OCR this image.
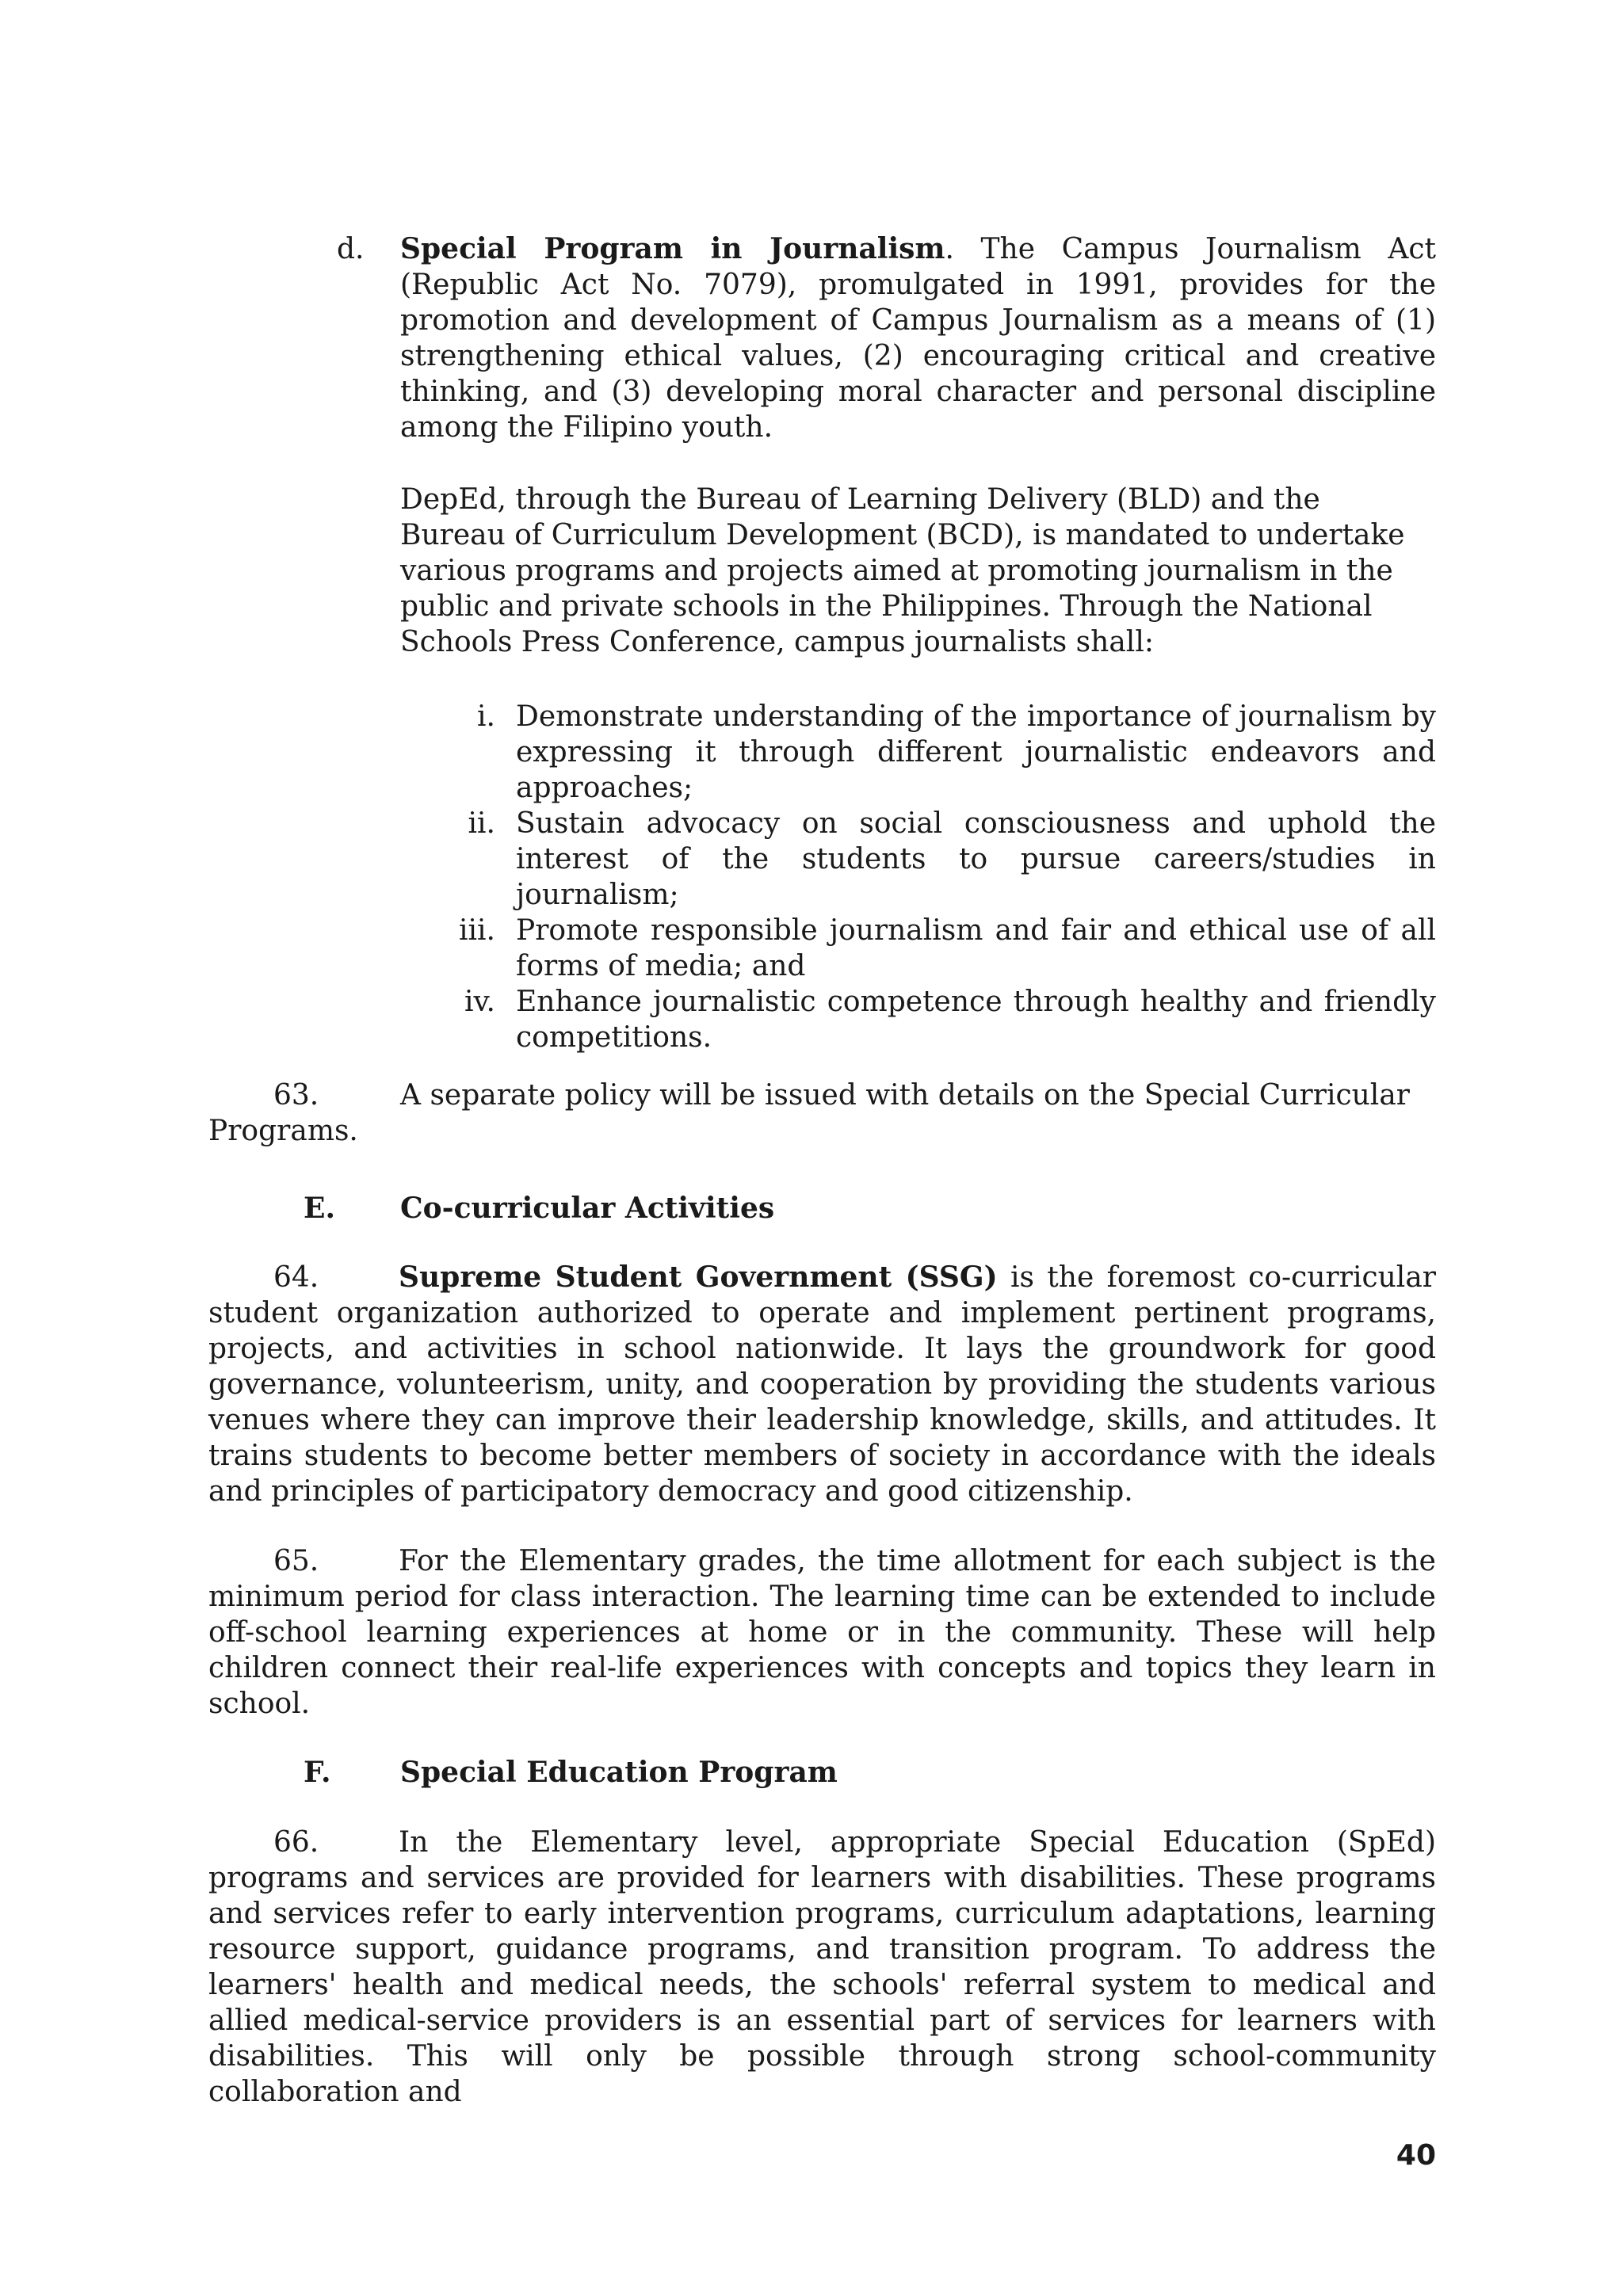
d. Special Program in Journalism. The Campus Journalism Act (Republic Act No. 7079), promulgated in 1991, provides for the promotion and development of Campus Journalism as a means of (1) strengthening ethical values, (2) encouraging critical and creative thinking, and (3) developing moral character and personal discipline among the Filipino youth.
DepEd, through the Bureau of Learning Delivery (BLD) and the Bureau of Curriculum Development (BCD), is mandated to undertake various programs and projects aimed at promoting journalism in the public and private schools in the Philippines. Through the National Schools Press Conference, campus journalists shall:
i. Demonstrate understanding of the importance of journalism by expressing it through different journalistic endeavors and approaches;
ii. Sustain advocacy on social consciousness and uphold the interest of the students to pursue careers/studies in journalism;
iii. Promote responsible journalism and fair and ethical use of all forms of media; and
iv. Enhance journalistic competence through healthy and friendly competitions.
63.	A separate policy will be issued with details on the Special Curricular
Programs.
E. Co-curricular Activities
64.	Supreme Student Government (SSG) is the foremost co-curricular student organization authorized to operate and implement pertinent programs, projects, and activities in school nationwide. It lays the groundwork for good governance, volunteerism, unity, and cooperation by providing the students various venues where they can improve their leadership knowledge, skills, and attitudes. It trains students to become better members of society in accordance with the ideals and principles of participatory democracy and good citizenship.
65.	For the Elementary grades, the time allotment for each subject is the minimum period for class interaction. The learning time can be extended to include off-school learning experiences at home or in the community. These will help children connect their real-life experiences with concepts and topics they learn in school.
F. Special Education Program
66.	In the Elementary level, appropriate Special Education (SpEd) programs and services are provided for learners with disabilities. These programs and services refer to early intervention programs, curriculum adaptations, learning resource support, guidance programs, and transition program. To address the learners' health and medical needs, the schools' referral system to medical and allied medical-service providers is an essential part of services for learners with disabilities. This will only be possible through strong school-community collaboration and
40
